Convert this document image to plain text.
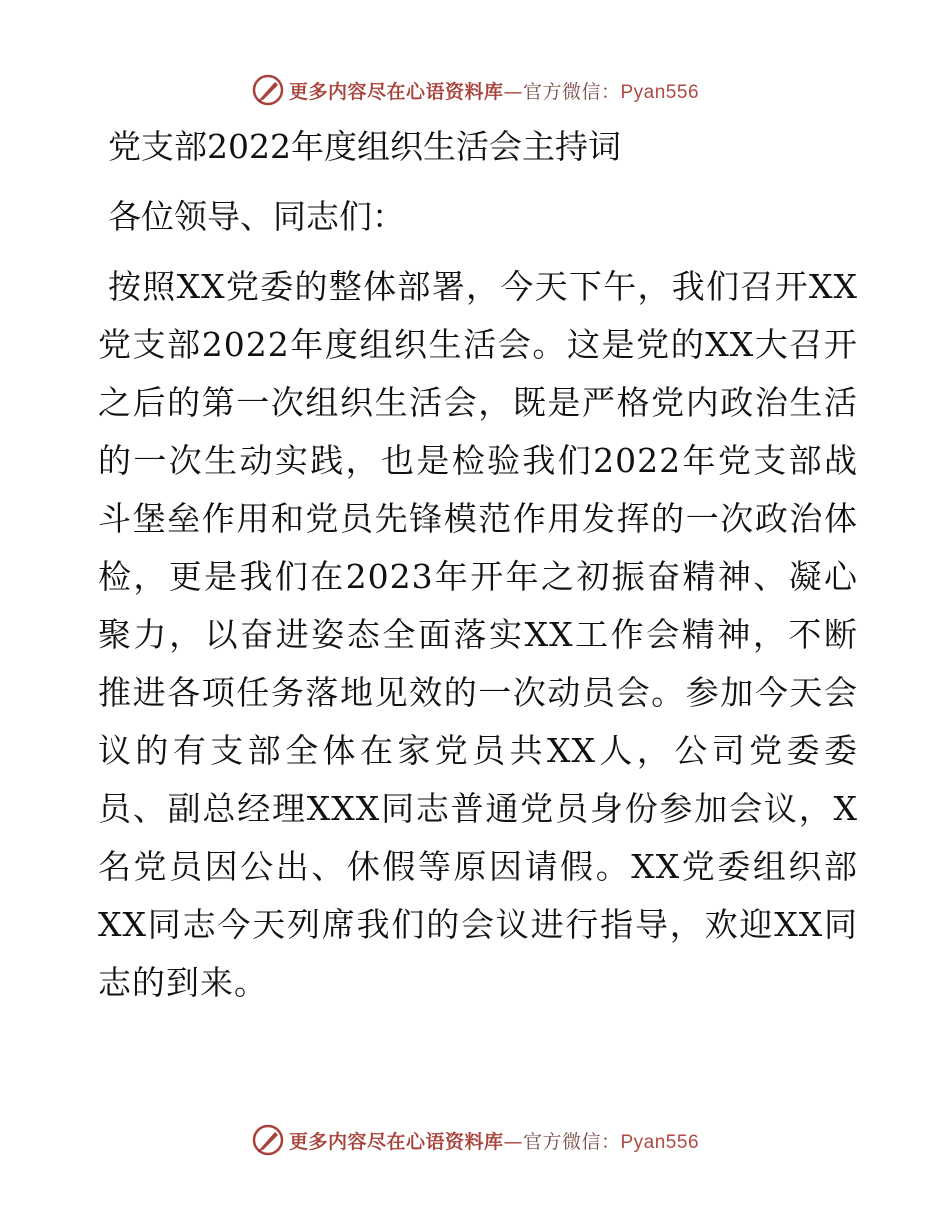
更多内容尽在心语资料库—官方微信：Pyan556
党支部2022年度组织生活会主持词

各位领导、同志们：

按照XX党委的整体部署，今天下午，我们召开XX
党支部2022年度组织生活会。这是党的XX大召开
之后的第一次组织生活会，既是严格党内政治生活
的一次生动实践，也是检验我们2022年党支部战
斗堡垒作用和党员先锋模范作用发挥的一次政治体
检，更是我们在2023年开年之初振奋精神、凝心
聚力，以奋进姿态全面落实XX工作会精神，不断
推进各项任务落地见效的一次动员会。参加今天会
议的有支部全体在家党员共XX人，公司党委委
员、副总经理XXX同志普通党员身份参加会议，X
名党员因公出、休假等原因请假。XX党委组织部
XX同志今天列席我们的会议进行指导，欢迎XX同
志的到来。
更多内容尽在心语资料库—官方微信：Pyan556
